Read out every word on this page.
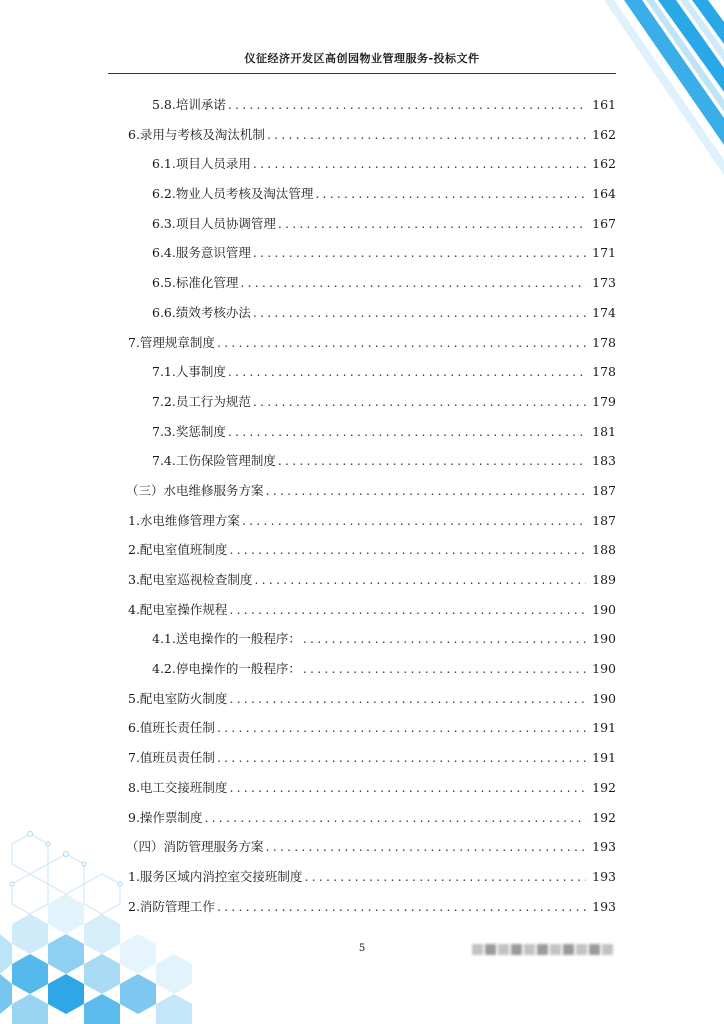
仪征经济开发区高创园物业管理服务-投标文件
5.8.培训承诺 .....	161
6.录用与考核及淘汰机制 .....	162
6.1.项目人员录用 .....	162
6.2.物业人员考核及淘汰管理 .....	164
6.3.项目人员协调管理 .....	167
6.4.服务意识管理 .....	171
6.5.标准化管理 .....	173
6.6.绩效考核办法 .....	174
7.管理规章制度 .....	178
7.1.人事制度 .....	178
7.2.员工行为规范 .....	179
7.3.奖惩制度 .....	181
7.4.工伤保险管理制度 .....	183
（三）水电维修服务方案 .....	187
1.水电维修管理方案 .....	187
2.配电室值班制度 .....	188
3.配电室巡视检查制度 .....	189
4.配电室操作规程 .....	190
4.1.送电操作的一般程序： .....	190
4.2.停电操作的一般程序： .....	190
5.配电室防火制度 .....	190
6.值班长责任制 .....	191
7.值班员责任制 .....	191
8.电工交接班制度 .....	192
9.操作票制度 .....	192
（四）消防管理服务方案 .....	193
1.服务区域内消控室交接班制度 .....	193
2.消防管理工作 .....	193
5
